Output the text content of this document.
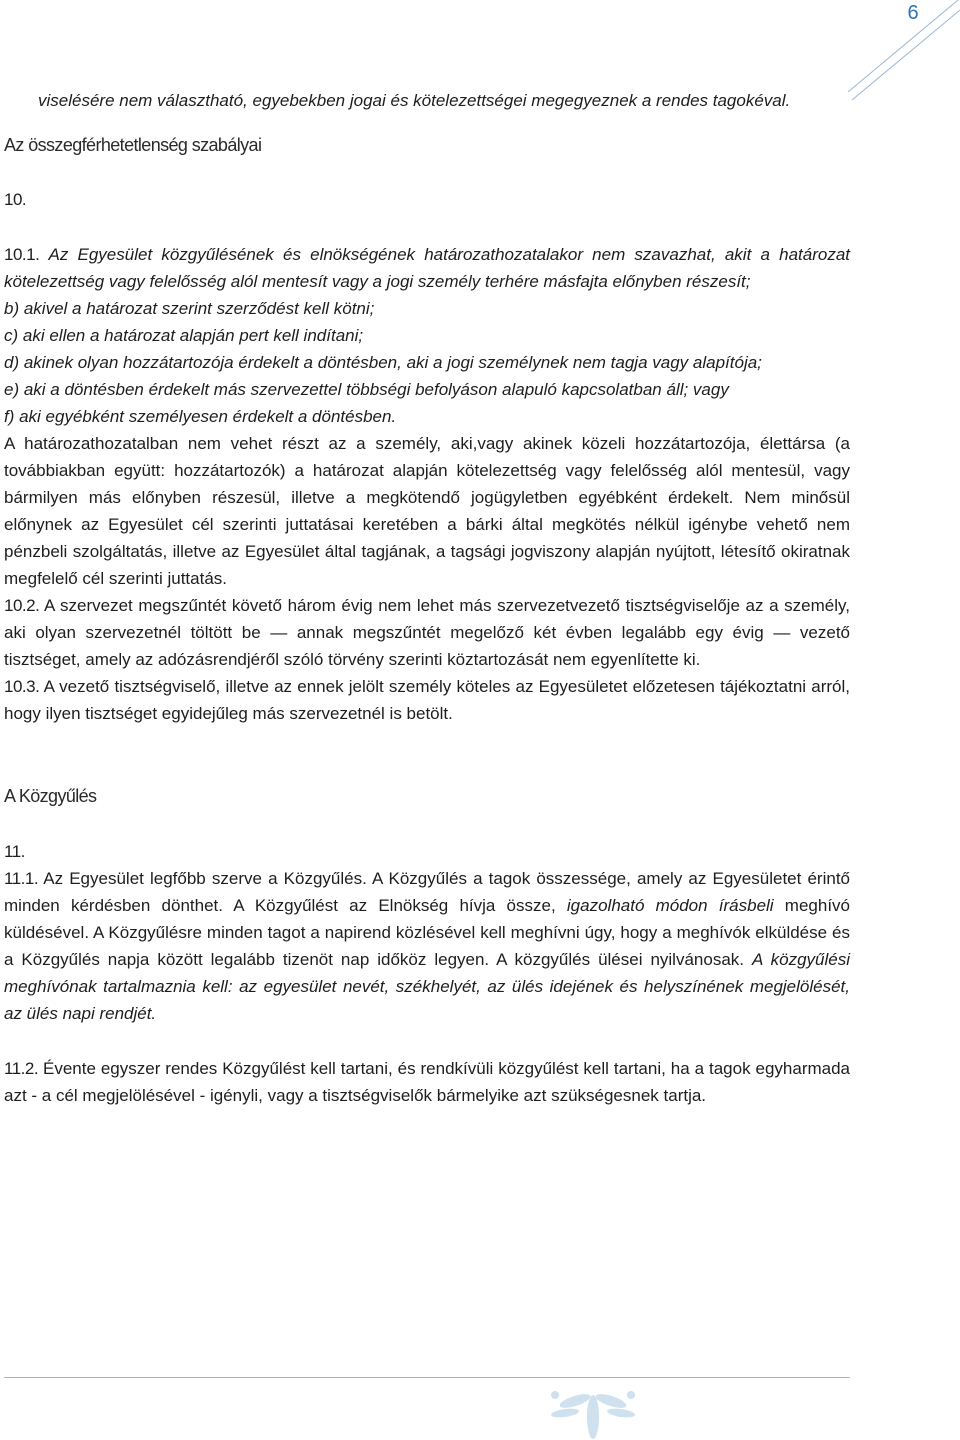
6

viselésére nem választható, egyebekben jogai és kötelezettségei megegyeznek a rendes tagokéval.

Az összegférhetetlenség szabályai

10.

10.1. Az Egyesület közgyűlésének és elnökségének határozathozatalakor nem szavazhat, akit a határozat kötelezettség vagy felelősség alól mentesít vagy a jogi személy terhére másfajta előnyben részesít;

b) akivel a határozat szerint szerződést kell kötni;

c) aki ellen a határozat alapján pert kell indítani;

d) akinek olyan hozzátartozója érdekelt a döntésben, aki a jogi személynek nem tagja vagy alapítója;

e) aki a döntésben érdekelt más szervezettel többségi befolyáson alapuló kapcsolatban áll; vagy

f) aki egyébként személyesen érdekelt a döntésben.

A határozathozatalban nem vehet részt az a személy, aki,vagy akinek közeli hozzátartozója, élettársa (a továbbiakban együtt: hozzátartozók) a határozat alapján kötelezettség vagy felelősség alól mentesül, vagy bármilyen más előnyben részesül, illetve a megkötendő jogügyletben egyébként érdekelt. Nem minősül előnynek az Egyesület cél szerinti juttatásai keretében a bárki által megkötés nélkül igénybe vehető nem pénzbeli szolgáltatás, illetve az Egyesület által tagjának, a tagsági jogviszony alapján nyújtott, létesítő okiratnak megfelelő cél szerinti juttatás.

10.2. A szervezet megszűntét követő három évig nem lehet más szervezetvezető tisztségviselője az a személy, aki olyan szervezetnél töltött be — annak megszűntét megelőző két évben legalább egy évig — vezető tisztséget, amely az adózásrendjéről szóló törvény szerinti köztartozását nem egyenlítette ki.

10.3. A vezető tisztségviselő, illetve az ennek jelölt személy köteles az Egyesületet előzetesen tájékoztatni arról, hogy ilyen tisztséget egyidejűleg más szervezetnél is betölt.

A Közgyűlés

11.

11.1. Az Egyesület legfőbb szerve a Közgyűlés. A Közgyűlés a tagok összessége, amely az Egyesületet érintő minden kérdésben dönthet. A Közgyűlést az Elnökség hívja össze, igazolható módon írásbeli meghívó küldésével. A Közgyűlésre minden tagot a napirend közlésével kell meghívni úgy, hogy a meghívók elküldése és a Közgyűlés napja között legalább tizenöt nap időköz legyen. A közgyűlés ülései nyilvánosak. A közgyűlési meghívónak tartalmaznia kell: az egyesület nevét, székhelyét, az ülés idejének és helyszínének megjelölését, az ülés napi rendjét.

11.2. Évente egyszer rendes Közgyűlést kell tartani, és rendkívüli közgyűlést kell tartani, ha a tagok egyharmada azt - a cél megjelölésével - igényli, vagy a tisztségviselők bármelyike azt szükségesnek tartja.
